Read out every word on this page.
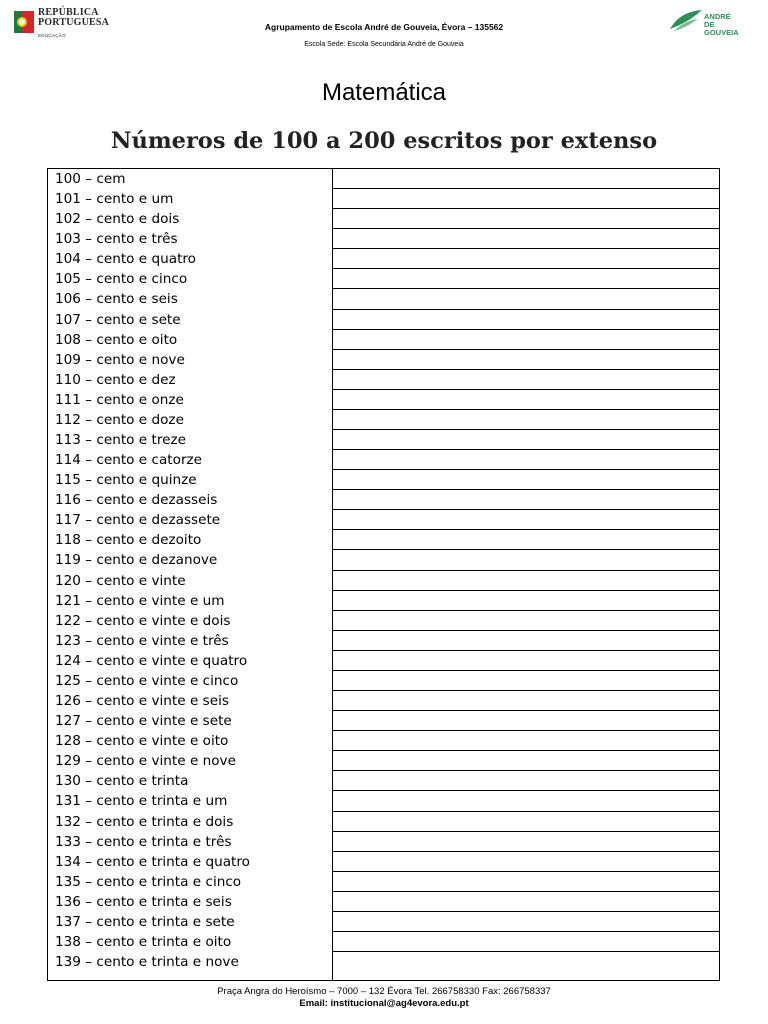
REPÚBLICA
PORTUGUESA
EDUCAÇÃO
Agrupamento de Escola André de Gouveia, Évora – 135562
Escola Sede: Escola Secundária André de Gouveia
ANDRÉ DE
GOUVEIA
Matemática
Números de 100 a 200 escritos por extenso
100 – cem
101 – cento e um
102 – cento e dois
103 – cento e três
104 – cento e quatro
105 – cento e cinco
106 – cento e seis
107 – cento e sete
108 – cento e oito
109 – cento e nove
110 – cento e dez
111 – cento e onze
112 – cento e doze
113 – cento e treze
114 – cento e catorze
115 – cento e quinze
116 – cento e dezasseis
117 – cento e dezassete
118 – cento e dezoito
119 – cento e dezanove
120 – cento e vinte
121 – cento e vinte e um
122 – cento e vinte e dois
123 – cento e vinte e três
124 – cento e vinte e quatro
125 – cento e vinte e cinco
126 – cento e vinte e seis
127 – cento e vinte e sete
128 – cento e vinte e oito
129 – cento e vinte e nove
130 – cento e trinta
131 – cento e trinta e um
132 – cento e trinta e dois
133 – cento e trinta e três
134 – cento e trinta e quatro
135 – cento e trinta e cinco
136 – cento e trinta e seis
137 – cento e trinta e sete
138 – cento e trinta e oito
139 – cento e trinta e nove
Praça Angra do Heroísmo – 7000 – 132 Évora Tel. 266758330 Fax: 266758337
Email: institucional@ag4evora.edu.pt
